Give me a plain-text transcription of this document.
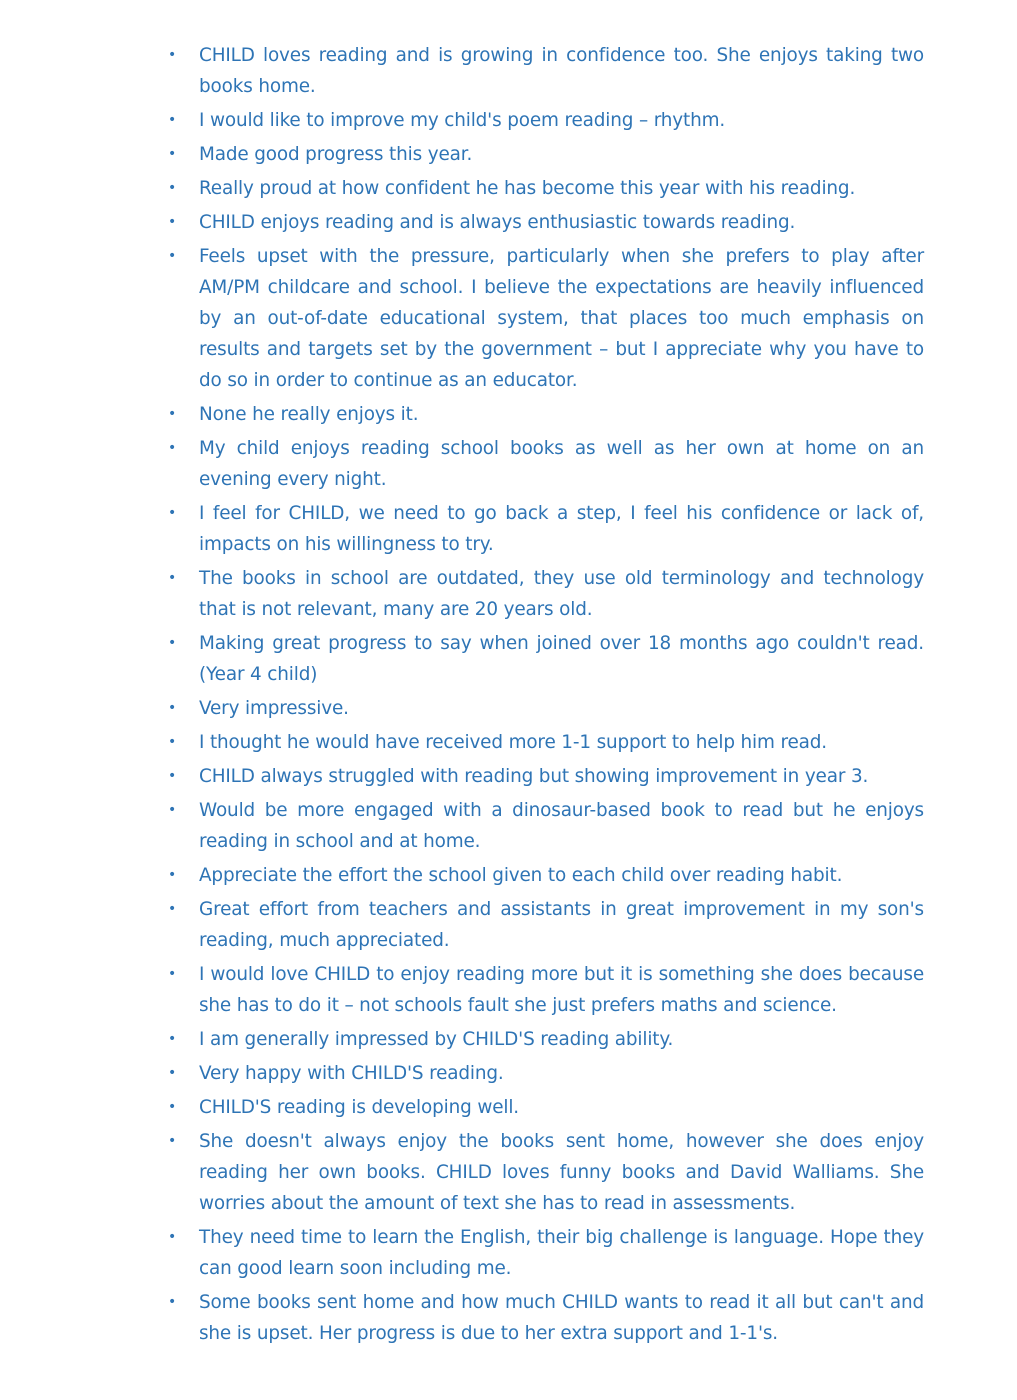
• CHILD loves reading and is growing in confidence too. She enjoys taking two books home.
• I would like to improve my child's poem reading – rhythm.
• Made good progress this year.
• Really proud at how confident he has become this year with his reading.
• CHILD enjoys reading and is always enthusiastic towards reading.
• Feels upset with the pressure, particularly when she prefers to play after AM/PM childcare and school. I believe the expectations are heavily influenced by an out-of-date educational system, that places too much emphasis on results and targets set by the government – but I appreciate why you have to do so in order to continue as an educator.
• None he really enjoys it.
• My child enjoys reading school books as well as her own at home on an evening every night.
• I feel for CHILD, we need to go back a step, I feel his confidence or lack of, impacts on his willingness to try.
• The books in school are outdated, they use old terminology and technology that is not relevant, many are 20 years old.
• Making great progress to say when joined over 18 months ago couldn't read. (Year 4 child)
• Very impressive.
• I thought he would have received more 1-1 support to help him read.
• CHILD always struggled with reading but showing improvement in year 3.
• Would be more engaged with a dinosaur-based book to read but he enjoys reading in school and at home.
• Appreciate the effort the school given to each child over reading habit.
• Great effort from teachers and assistants in great improvement in my son's reading, much appreciated.
• I would love CHILD to enjoy reading more but it is something she does because she has to do it – not schools fault she just prefers maths and science.
• I am generally impressed by CHILD'S reading ability.
• Very happy with CHILD'S reading.
• CHILD'S reading is developing well.
• She doesn't always enjoy the books sent home, however she does enjoy reading her own books. CHILD loves funny books and David Walliams. She worries about the amount of text she has to read in assessments.
• They need time to learn the English, their big challenge is language. Hope they can good learn soon including me.
• Some books sent home and how much CHILD wants to read it all but can't and she is upset. Her progress is due to her extra support and 1-1's.
